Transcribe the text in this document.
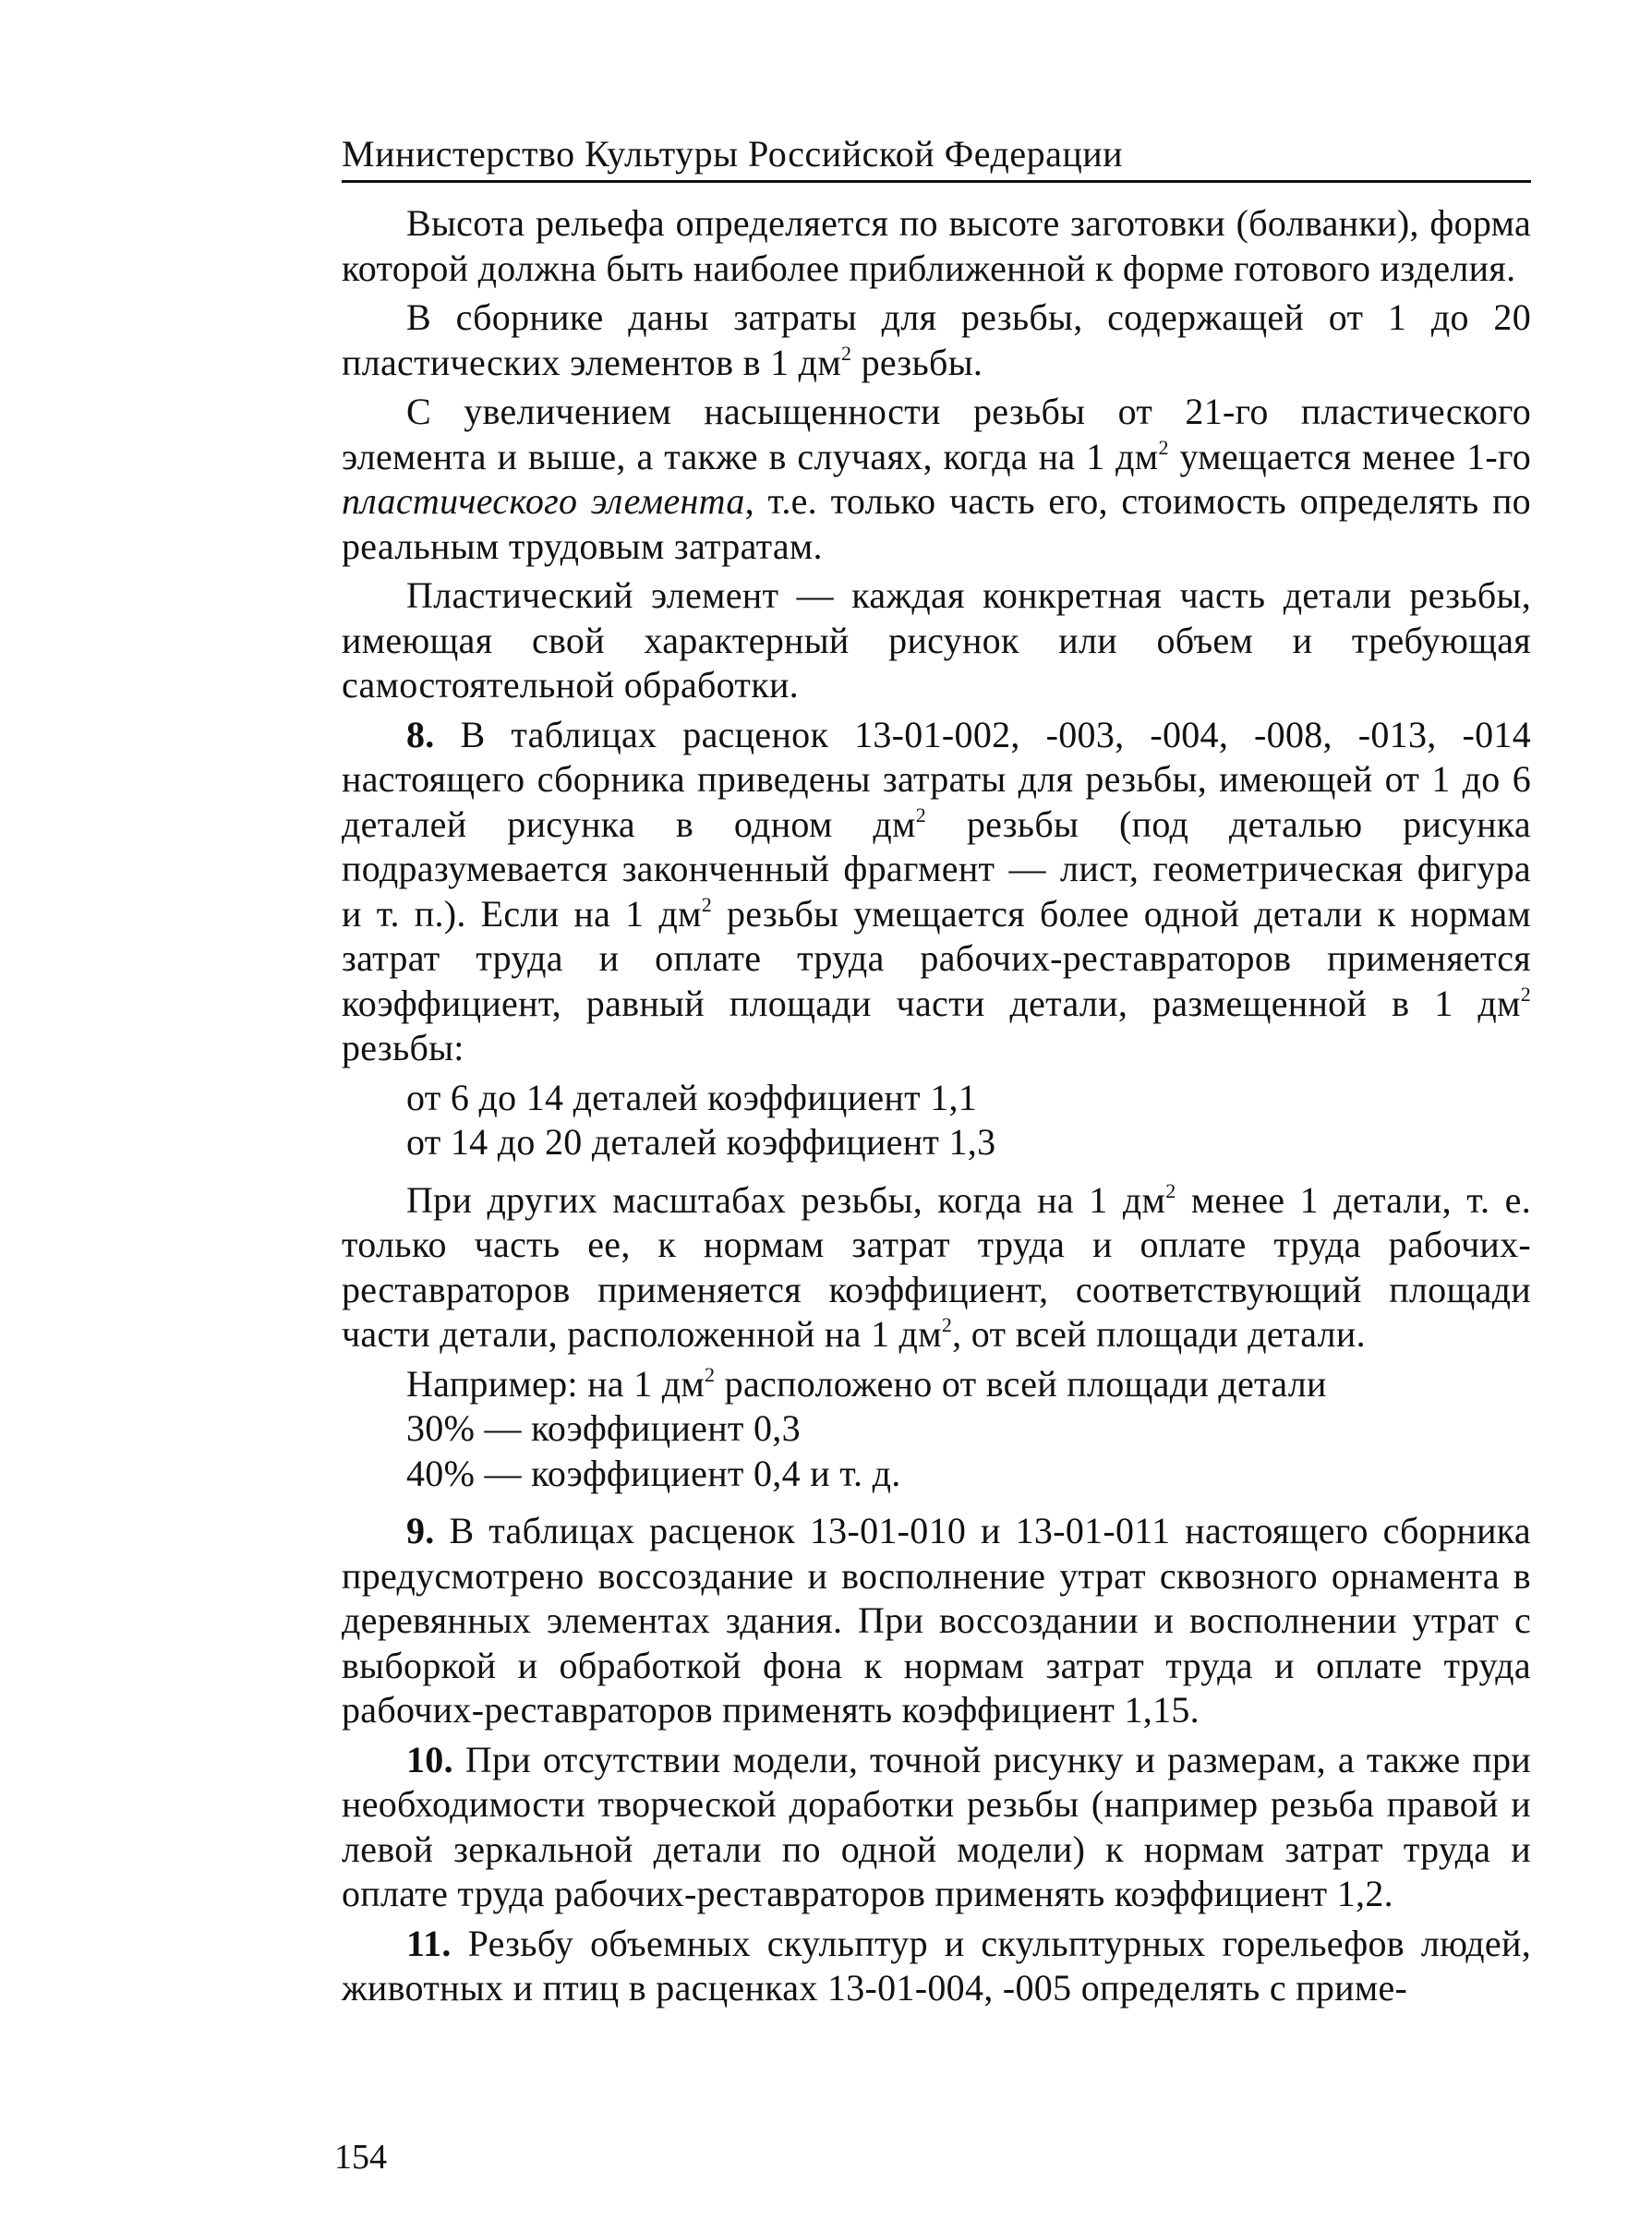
Министерство Культуры Российской Федерации

Высота рельефа определяется по высоте заготовки (болванки), форма которой должна быть наиболее приближенной к форме готового изделия.

В сборнике даны затраты для резьбы, содержащей от 1 до 20 пластических элементов в 1 $дм^2$ резьбы.

С увеличением насыщенности резьбы от 21-го пластического элемента и выше, а также в случаях, когда на 1 $дм^2$ умещается менее 1-го пластического элемента, т.е. только часть его, стоимость определять по реальным трудовым затратам.

Пластический элемент — каждая конкретная часть детали резьбы, имеющая свой характерный рисунок или объем и требующая самостоятельной обработки.

8. В таблицах расценок 13-01-002, -003, -004, -008, -013, -014 настоящего сборника приведены затраты для резьбы, имеющей от 1 до 6 деталей рисунка в одном $дм^2$ резьбы (под деталью рисунка подразумевается законченный фрагмент — лист, геометрическая фигура и т. п.). Если на 1 $дм^2$ резьбы умещается более одной детали к нормам затрат труда и оплате труда рабочих-реставраторов применяется коэффициент, равный площади части детали, размещенной в 1 $дм^2$ резьбы:

от 6 до 14 деталей коэффициент 1,1

от 14 до 20 деталей коэффициент 1,3

При других масштабах резьбы, когда на 1 $дм^2$ менее 1 детали, т. е. только часть ее, к нормам затрат труда и оплате труда рабочих-реставраторов применяется коэффициент, соответствующий площади части детали, расположенной на 1 $дм^2$, от всей площади детали.

Например: на 1 $дм^2$ расположено от всей площади детали

30% — коэффициент 0,3

40% — коэффициент 0,4 и т. д.

9. В таблицах расценок 13-01-010 и 13-01-011 настоящего сборника предусмотрено воссоздание и восполнение утрат сквозного орнамента в деревянных элементах здания. При воссоздании и восполнении утрат с выборкой и обработкой фона к нормам затрат труда и оплате труда рабочих-реставраторов применять коэффициент 1,15.

10. При отсутствии модели, точной рисунку и размерам, а также при необходимости творческой доработки резьбы (например резьба правой и левой зеркальной детали по одной модели) к нормам затрат труда и оплате труда рабочих-реставраторов применять коэффициент 1,2.

11. Резьбу объемных скульптур и скульптурных горельефов людей, животных и птиц в расценках 13-01-004, -005 определять с приме-

154
